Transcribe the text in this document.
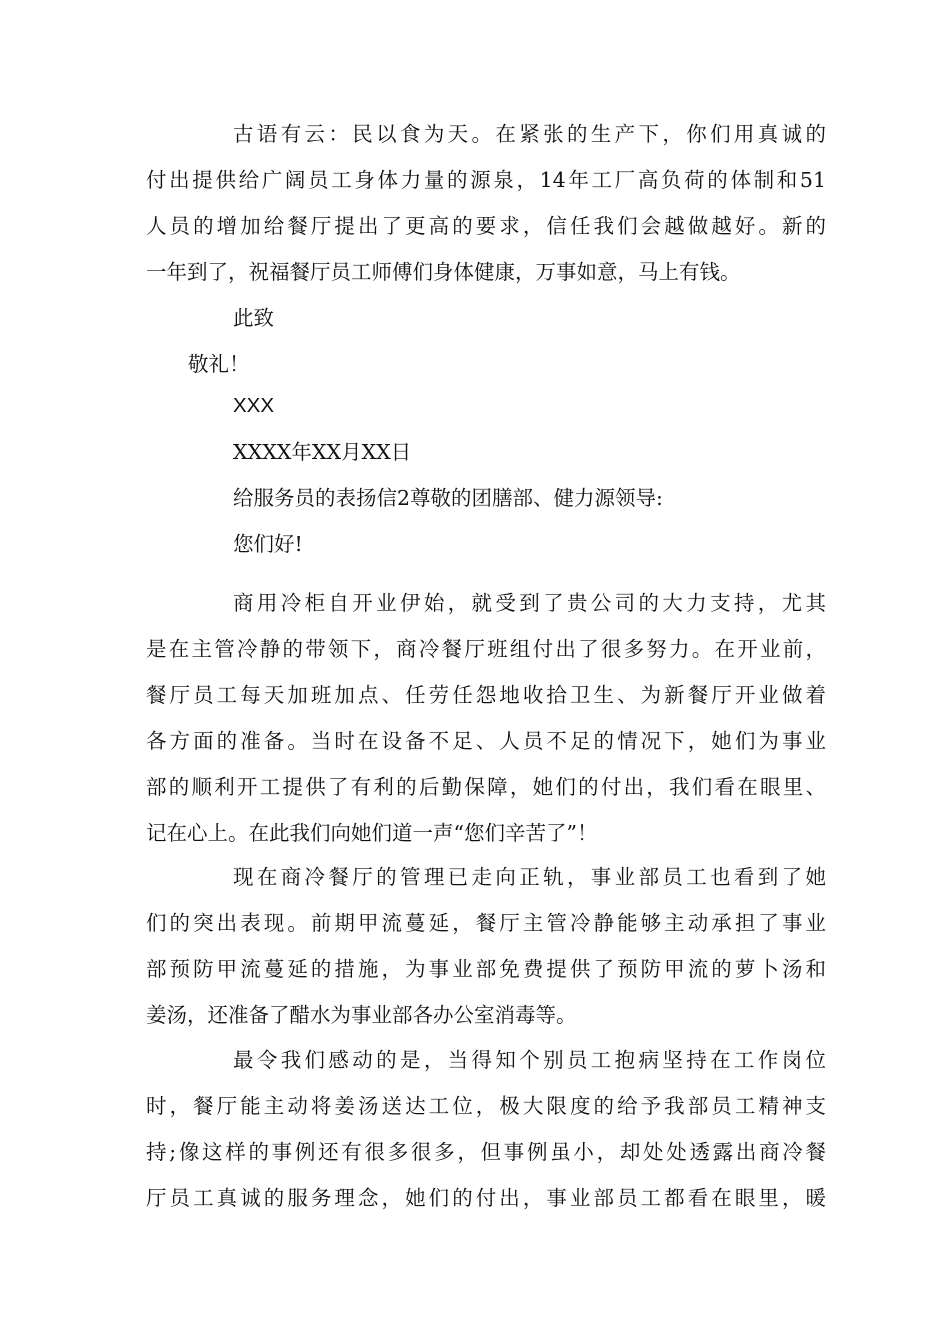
古语有云：民以食为天。在紧张的生产下，你们用真诚的
付出提供给广阔员工身体力量的源泉，14年工厂高负荷的体制和51
人员的增加给餐厅提出了更高的要求，信任我们会越做越好。新的
一年到了，祝福餐厅员工师傅们身体健康，万事如意，马上有钱。
此致
敬礼！
XXX
XXXX年XX月XX日
给服务员的表扬信2尊敬的团膳部、健力源领导:
您们好!
商用冷柜自开业伊始，就受到了贵公司的大力支持，尤其
是在主管冷静的带领下，商冷餐厅班组付出了很多努力。在开业前，
餐厅员工每天加班加点、任劳任怨地收拾卫生、为新餐厅开业做着
各方面的准备。当时在设备不足、人员不足的情况下，她们为事业
部的顺利开工提供了有利的后勤保障，她们的付出，我们看在眼里、
记在心上。在此我们向她们道一声“您们辛苦了”！
现在商冷餐厅的管理已走向正轨，事业部员工也看到了她
们的突出表现。前期甲流蔓延，餐厅主管冷静能够主动承担了事业
部预防甲流蔓延的措施，为事业部免费提供了预防甲流的萝卜汤和
姜汤，还准备了醋水为事业部各办公室消毒等。
最令我们感动的是，当得知个别员工抱病坚持在工作岗位
时，餐厅能主动将姜汤送达工位，极大限度的给予我部员工精神支
持;像这样的事例还有很多很多，但事例虽小，却处处透露出商冷餐
厅员工真诚的服务理念，她们的付出，事业部员工都看在眼里，暖
